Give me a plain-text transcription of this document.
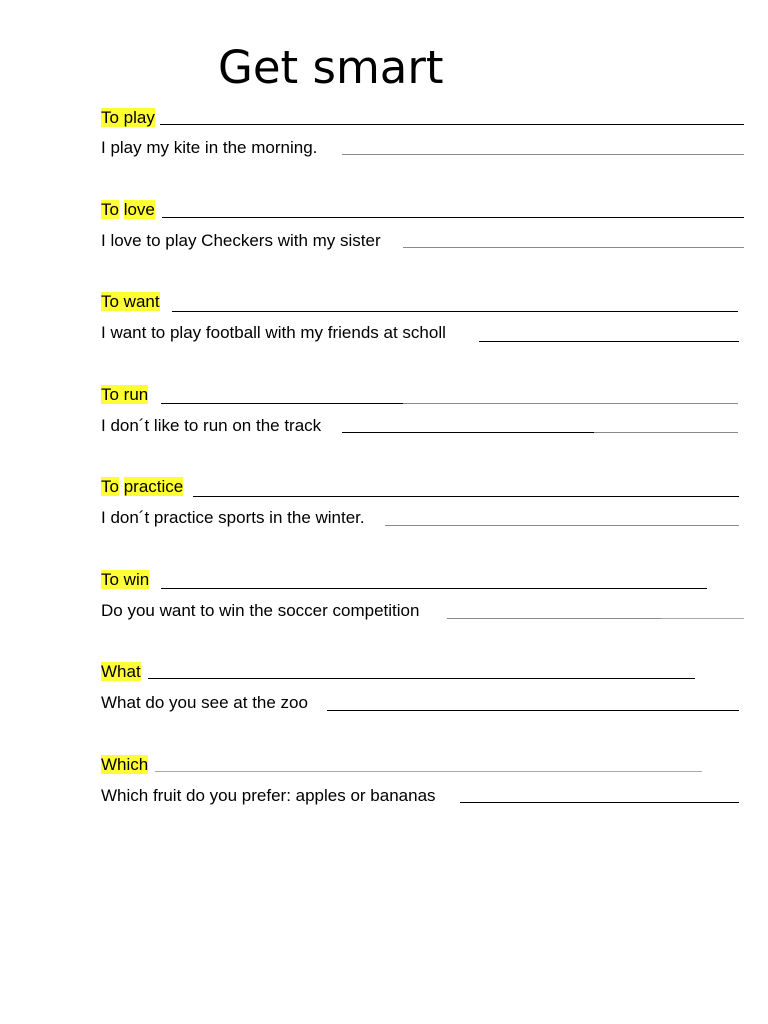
Get smart
To play
I play my kite in the morning.
To love
I love to play Checkers with my sister
To want
I want to play football with my friends at scholl
To run
I don´t like to run on the track
To practice
I don´t practice sports in the winter.
To win
Do you want to win the soccer competition
What
What do you see at the zoo
Which
Which fruit do you prefer: apples or bananas
